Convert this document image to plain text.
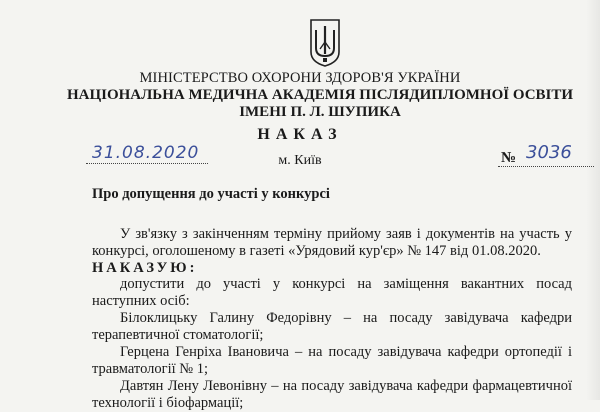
МІНІСТЕРСТВО ОХОРОНИ ЗДОРОВ'Я УКРАЇНИ
НАЦІОНАЛЬНА МЕДИЧНА АКАДЕМІЯ ПІСЛЯДИПЛОМНОЇ ОСВІТИ
ІМЕНІ П. Л. ШУПИКА
НАКАЗ
31.08.2020	м. Київ	№ 3036
Про допущення до участі у конкурсі
У зв'язку з закінченням терміну прийому заяв і документів на участь у конкурсі, оголошеному в газеті «Урядовий кур'єр» № 147 від 01.08.2020.
НАКАЗУЮ:
допустити до участі у конкурсі на заміщення вакантних посад наступних осіб:
Білоклицьку Галину Федорівну – на посаду завідувача кафедри терапевтичної стоматології;
Герцена Генріха Івановича – на посаду завідувача кафедри ортопедії і травматології № 1;
Давтян Лену Левонівну – на посаду завідувача кафедри фармацевтичної технології і біофармації;
